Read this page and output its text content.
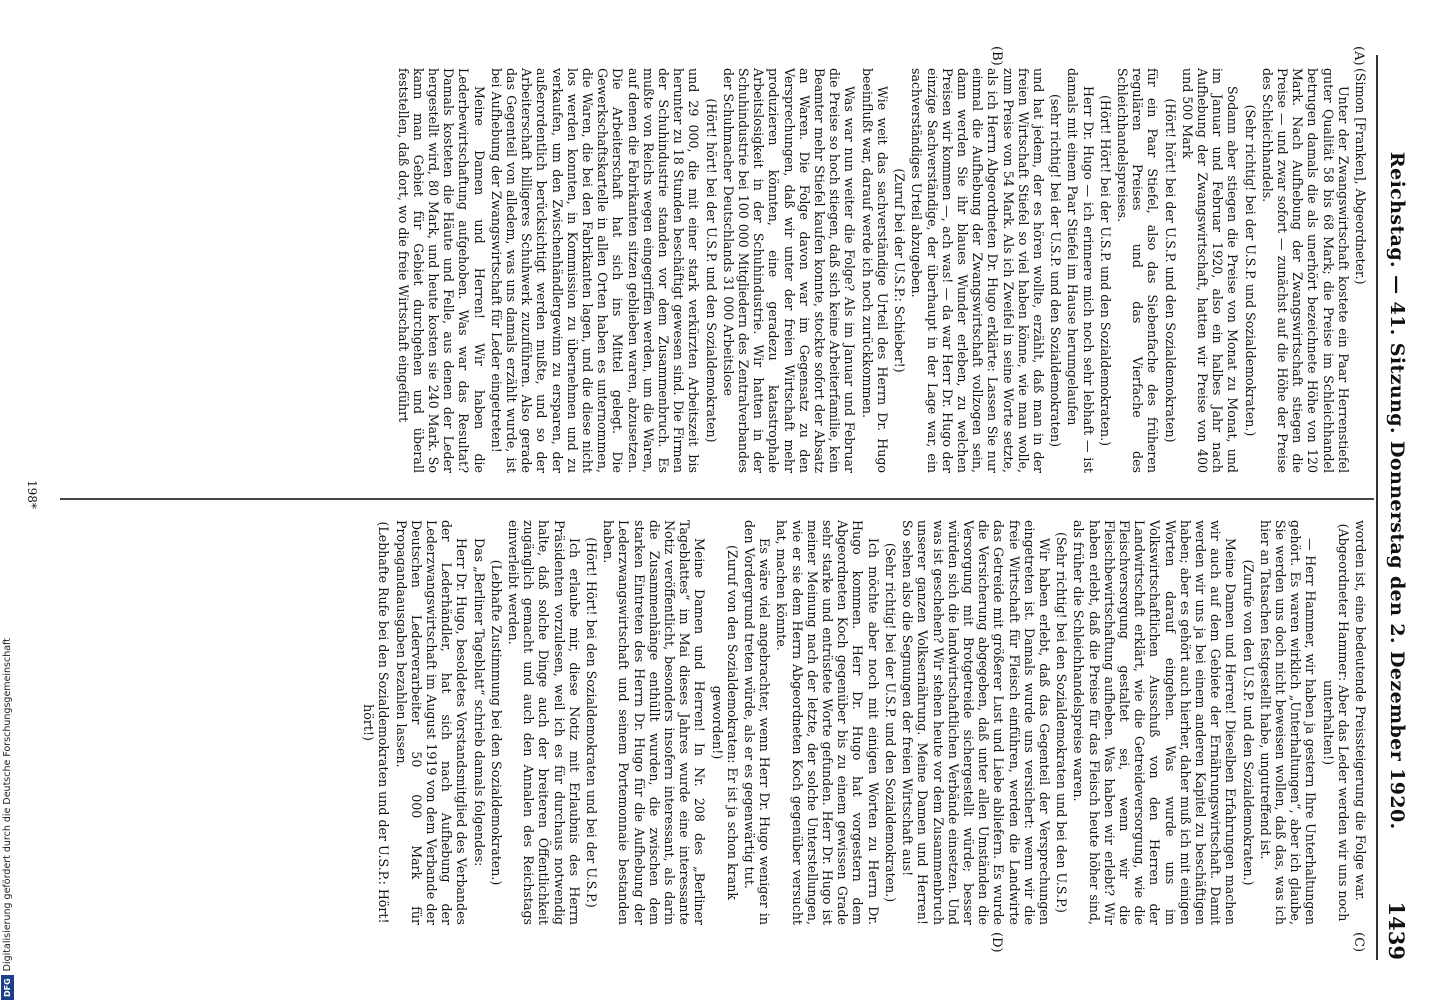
Reichstag. — 41. Sitzung. Donnerstag den 2. Dezember 1920.
1439
(A)
(B)
(C)
(D)

(Simon [Franken], Abgeordneter.)

Unter der Zwangswirtschaft kostete ein Paar Herrenstiefel guter Qualität 58 bis 68 Mark; die Preise im Schleichhandel betrugen damals die als unerhört bezeichnete Höhe von 120 Mark. Nach Aufhebung der Zwangswirtschaft stiegen die Preise — und zwar sofort — zunächst auf die Höhe der Preise des Schleichhandels.

(Sehr richtig! bei der U.S.P. und Sozialdemokraten.)

Sodann aber stiegen die Preise von Monat zu Monat, und im Januar und Februar 1920, also ein halbes Jahr nach Aufhebung der Zwangswirtschaft, hatten wir Preise von 400 und 500 Mark

(Hört! hört! bei der U.S.P. und den Sozialdemokraten)

für ein Paar Stiefel, also das Siebenfache des früheren regulären Preises und das Vierfache des Schleichhandelspreises.

(Hört! Hört! bei der U.S.P. und den Sozialdemokraten.)

Herr Dr. Hugo — ich erinnere mich noch sehr lebhaft — ist damals mit einem Paar Stiefel im Hause herumgelaufen

(sehr richtig! bei der U.S.P. und den Sozialdemokraten)

und hat jedem, der es hören wollte, erzählt, daß man in der freien Wirtschaft Stiefel so viel haben könne, wie man wolle, zum Preise von 54 Mark. Als ich Zweifel in seine Worte setzte, als ich Herrn Abgeordneten Dr. Hugo erklärte: Lassen Sie nur einmal die Aufhebung der Zwangswirtschaft vollzogen sein, dann werden Sie ihr blaues Wunder erleben, zu welchen Preisen wir kommen —, ach was! — da war Herr Dr. Hugo der einzige Sachverständige, der überhaupt in der Lage war, ein sachverständiges Urteil abzugeben.

(Zuruf bei der U.S.P.: Schieber!)

Wie weit das sachverständige Urteil des Herrn Dr. Hugo beeinflußt war, darauf werde ich noch zurückkommen.

Was war nun weiter die Folge? Als im Januar und Februar die Preise so hoch stiegen, daß sich keine Arbeiterfamilie, kein Beamter mehr Stiefel kaufen konnte, stockte sofort der Absatz an Waren. Die Folge davon war im Gegensatz zu den Versprechungen, daß wir unter der freien Wirtschaft mehr produzieren könnten, eine geradezu katastrophale Arbeitslosigkeit in der Schuhindustrie. Wir hatten in der Schuhindustrie bei 100 000 Mitgliedern des Zentralverbandes der Schuhmacher Deutschlands 31 000 Arbeitslose

(Hört! hört! bei der U.S.P. und den Sozialdemokraten)

und 29 000, die mit einer stark verkürzten Arbeitszeit bis herunter zu 18 Stunden beschäftigt gewesen sind. Die Firmen der Schuhindustrie standen vor dem Zusammenbruch. Es mußte von Reichs wegen eingegriffen werden, um die Waren, auf denen die Fabrikanten sitzen geblieben waren, abzusetzen. Die Arbeiterschaft hat sich ins Mittel gelegt. Die Gewerkschaftskartelle in allen Orten haben es unternommen, die Waren, die bei den Fabrikanten lagen, und die diese nicht los werden konnten, in Kommission zu übernehmen und zu verkaufen, um den Zwischenhändlergewinn zu ersparen, der außerordentlich berücksichtigt werden mußte, und so der Arbeiterschaft billigeres Schuhwerk zuzuführen. Also gerade das Gegenteil von alledem, was uns damals erzählt wurde, ist bei Aufhebung der Zwangswirtschaft für Leder eingetreten!

Meine Damen und Herren! Wir haben die Lederbewirtschaftung aufgehoben. Was war das Resultat? Damals kosteten die Häute und Felle, aus denen der Leder hergestellt wird, 80 Mark, und heute kosten sie 240 Mark. So kann man Gebiet für Gebiet durchgehen und überall feststellen, daß dort, wo die freie Wirtschaft eingeführt

worden ist, eine bedeutende Preissteigerung die Folge war.

(Abgeordneter Hammer: Aber das Leder werden wir uns noch unterhalten!)

— Herr Hammer, wir haben ja gestern Ihre Unterhaltungen gehört. Es waren wirklich „Unterhaltungen“, aber ich glaube, Sie werden uns doch nicht beweisen wollen, daß das, was ich hier an Tatsachen festgestellt habe, ungutreffend ist.

(Zurufe von den U.S.P. und den Sozialdemokraten.)

Meine Damen und Herren! Dieselben Erfahrungen machen wir auch auf dem Gebiete der Ernährungswirtschaft. Damit werden wir uns ja bei einem anderen Kapitel zu beschäftigen haben; aber es gehört auch hierher, daher muß ich mit einigen Worten darauf eingehen. Was wurde uns im Volkswirtschaftlichen Ausschuß von den Herren der Landwirtschaft erklärt, wie die Getreideversorgung, wie die Fleischversorgung gestaltet sei, wenn wir die Fleischbewirtschaftung aufheben. Was haben wir erlebt? Wir haben erlebt, daß die Preise für das Fleisch heute höher sind, als früher die Schleichhandelspreise waren.

(Sehr richtig! bei den Sozialdemokraten und bei den U.S.P.)

Wir haben erlebt, daß das Gegenteil der Versprechungen eingetreten ist. Damals wurde uns versichert: wenn wir die freie Wirtschaft für Fleisch einführen, werden die Landwirte das Getreide mit größerer Lust und Liebe abliefern. Es wurde die Versicherung abgegeben, daß unter allen Umständen die Versorgung mit Brotgetreide sichergestellt würde; besser würden sich die landwirtschaftlichen Verbände einsetzen. Und was ist geschehen? Wir stehen heute vor dem Zusammenbruch unserer ganzen Volksernährung. Meine Damen und Herren! So sehen also die Segnungen der freien Wirtschaft aus!

(Sehr richtig! bei der U.S.P. und den Sozialdemokraten.)

Ich möchte aber noch mit einigen Worten zu Herrn Dr. Hugo kommen. Herr Dr. Hugo hat vorgestern dem Abgeordneten Koch gegenüber bis zu einem gewissen Grade sehr starke und entrüstete Worte gefunden. Herr Dr. Hugo ist meiner Meinung nach der letzte, der solche Unterstellungen, wie er sie dem Herrn Abgeordneten Koch gegenüber versucht hat, machen könnte.

Es wäre viel angebrachter, wenn Herr Dr. Hugo weniger in den Vordergrund treten würde, als er es gegenwärtig tut.

(Zuruf von den Sozialdemokraten: Er ist ja schon krank geworden!)

Meine Damen und Herren! In Nr. 208 des „Berliner Tageblattes“ im Mai dieses Jahres wurde eine interessante Notiz veröffentlicht, besonders insofern interessant, als darin die Zusammenhänge enthüllt wurden, die zwischen dem starken Eintreten des Herrn Dr. Hugo für die Aufhebung der Lederzwangswirtschaft und seinem Portemonnaie bestanden haben.

(Hört! Hört! bei den Sozialdemokraten und bei der U.S.P.)

Ich erlaube mir, diese Notiz mit Erlaubnis des Herrn Präsidenten vorzulesen, weil ich es für durchaus notwendig halte, daß solche Dinge auch der breiteren Öffentlichkeit zugänglich gemacht und auch den Annalen des Reichstags einverleibt werden.

(Lebhafte Zustimmung bei den Sozialdemokraten.)

Das „Berliner Tageblatt“ schrieb damals folgendes:

Herr Dr. Hugo, besoldetes Vorstandsmitglied des Verbandes der Lederhändler, hat sich nach Aufhebung der Lederzwangswirtschaft im August 1919 von dem Verbande der Deutschen Lederverarbeiter 50 000 Mark für Propagandaausgaben bezahlen lassen.

(Lebhafte Rufe bei den Sozialdemokraten und der U.S.P.: Hört! hört!)

198*
DFG
Digitalisierung gefördert durch die Deutsche Forschungsgemeinschaft
